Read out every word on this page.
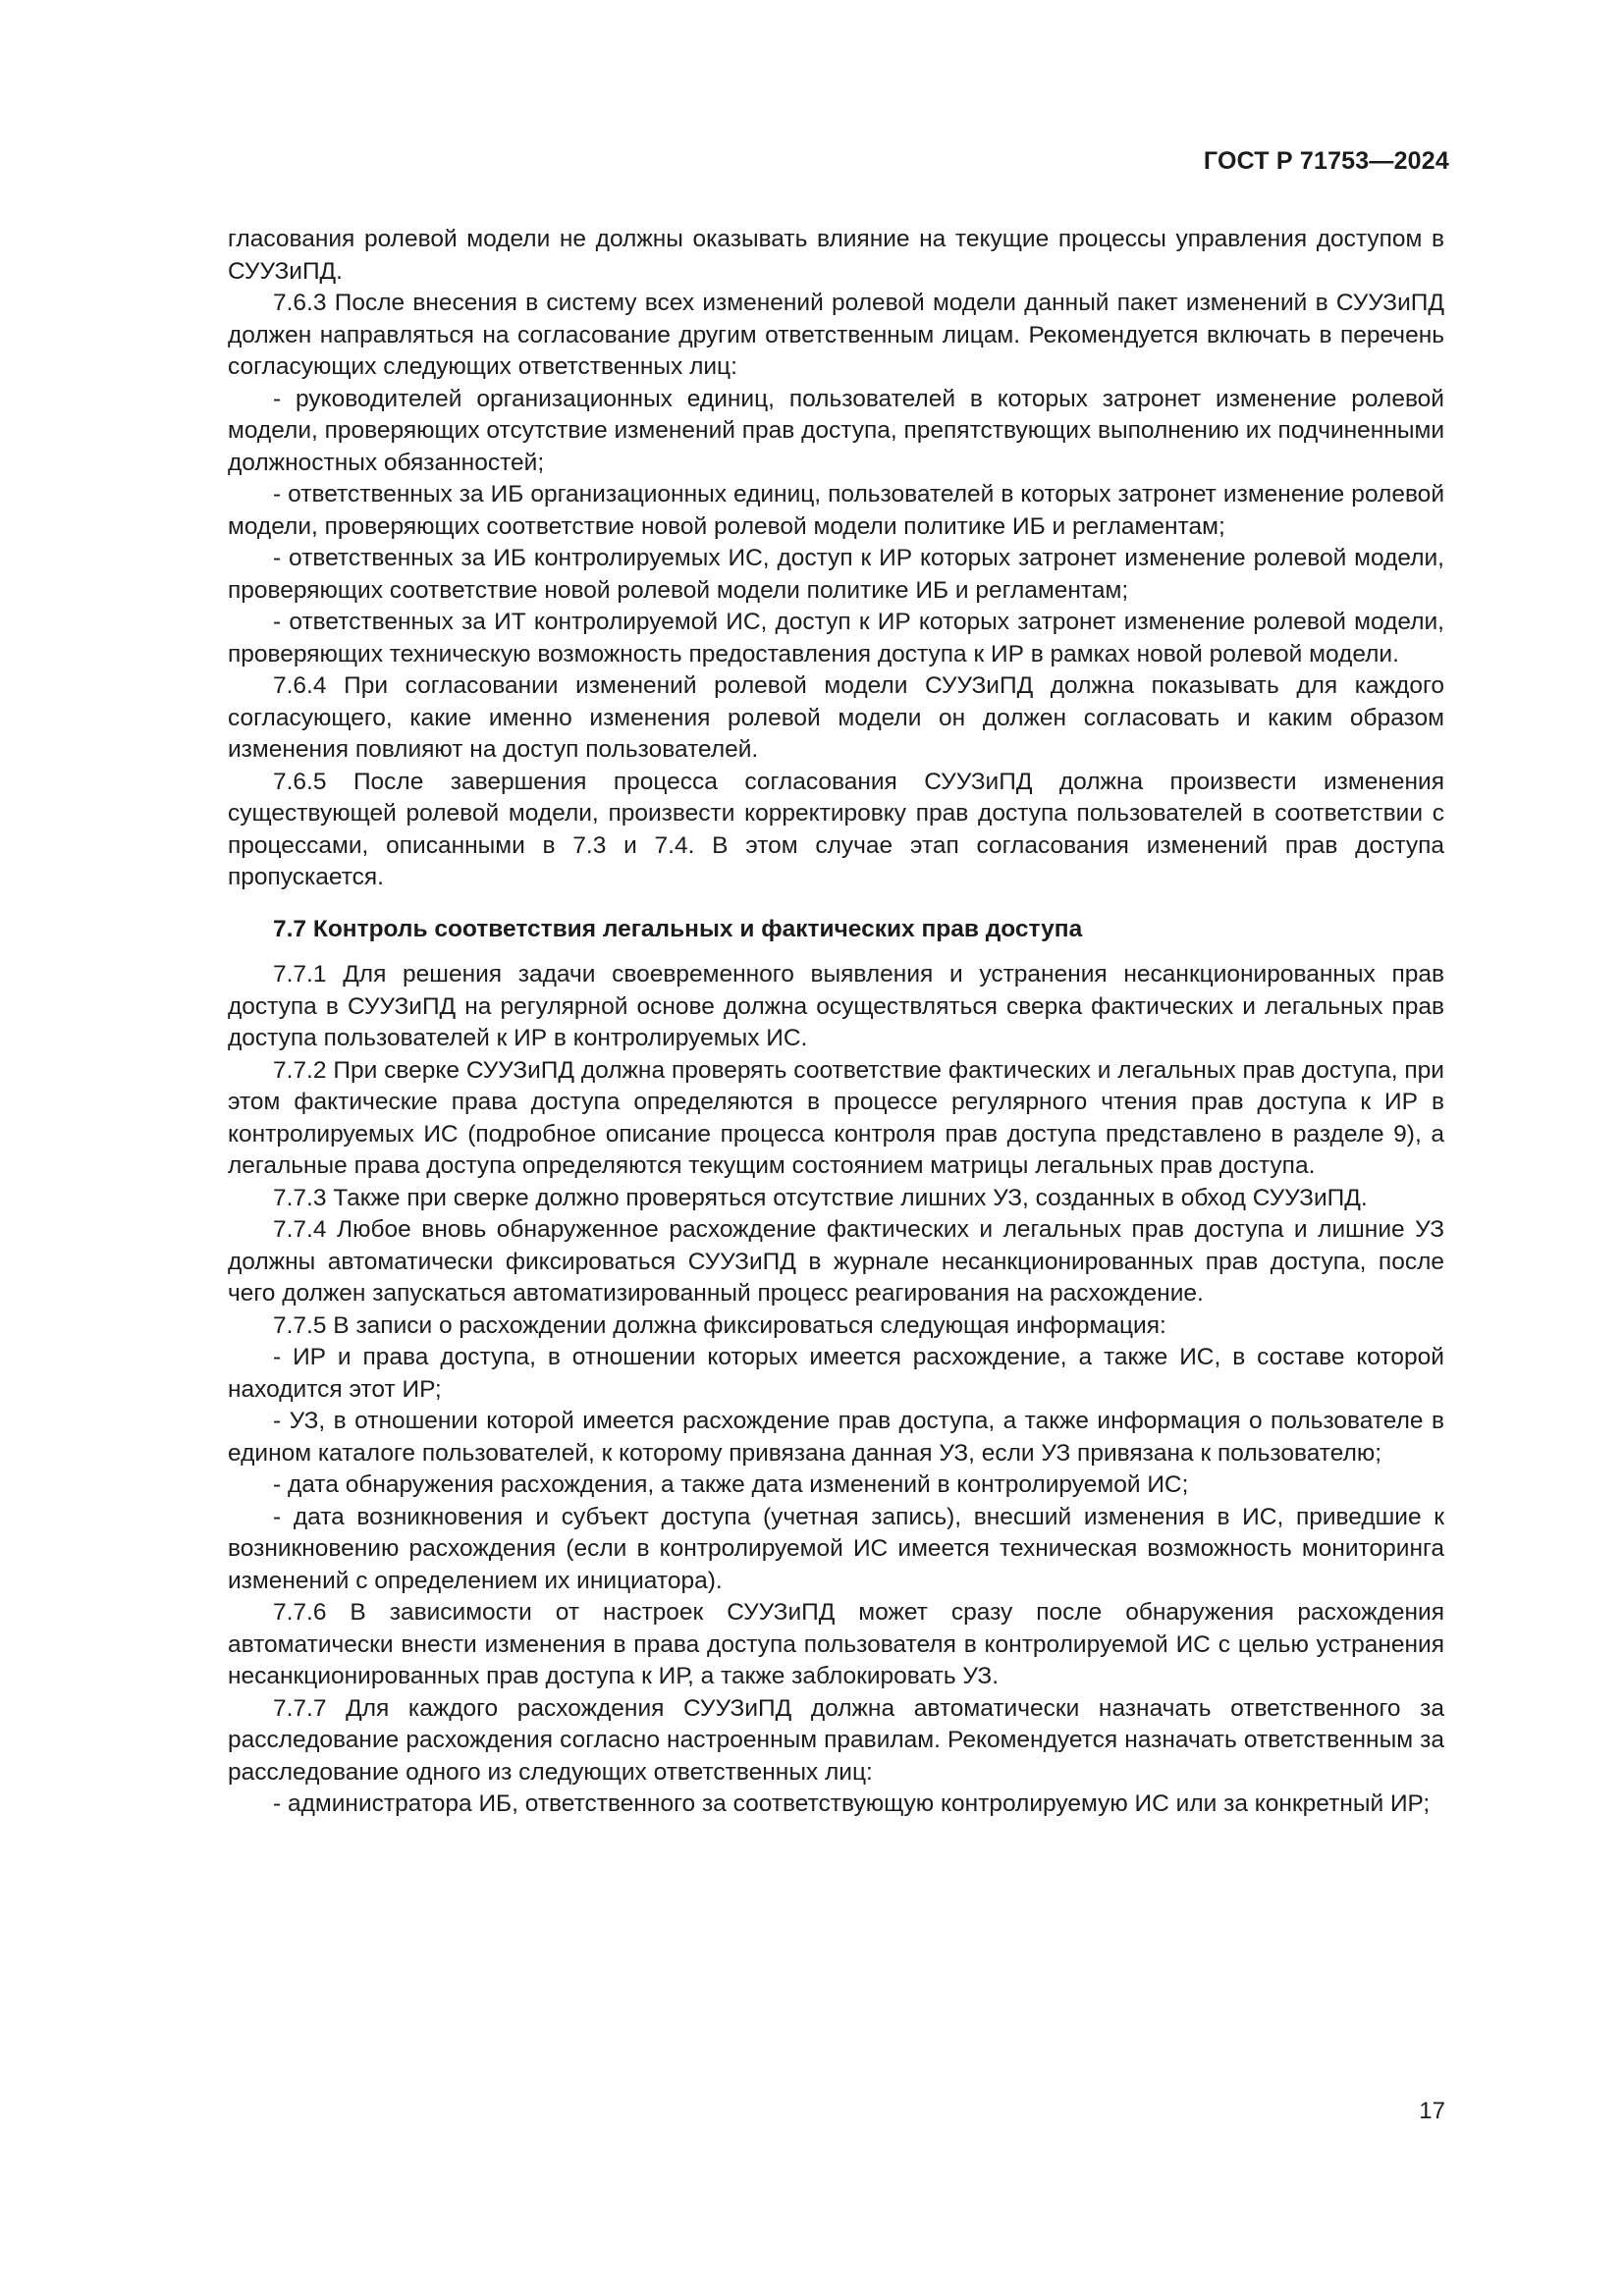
ГОСТ Р 71753—2024

гласования ролевой модели не должны оказывать влияние на текущие процессы управления доступом в СУУЗиПД.

7.6.3 После внесения в систему всех изменений ролевой модели данный пакет изменений в СУУЗиПД должен направляться на согласование другим ответственным лицам. Рекомендуется включать в перечень согласующих следующих ответственных лиц:

- руководителей организационных единиц, пользователей в которых затронет изменение ролевой модели, проверяющих отсутствие изменений прав доступа, препятствующих выполнению их подчиненными должностных обязанностей;

- ответственных за ИБ организационных единиц, пользователей в которых затронет изменение ролевой модели, проверяющих соответствие новой ролевой модели политике ИБ и регламентам;

- ответственных за ИБ контролируемых ИС, доступ к ИР которых затронет изменение ролевой модели, проверяющих соответствие новой ролевой модели политике ИБ и регламентам;

- ответственных за ИТ контролируемой ИС, доступ к ИР которых затронет изменение ролевой модели, проверяющих техническую возможность предоставления доступа к ИР в рамках новой ролевой модели.

7.6.4 При согласовании изменений ролевой модели СУУЗиПД должна показывать для каждого согласующего, какие именно изменения ролевой модели он должен согласовать и каким образом изменения повлияют на доступ пользователей.

7.6.5 После завершения процесса согласования СУУЗиПД должна произвести изменения существующей ролевой модели, произвести корректировку прав доступа пользователей в соответствии с процессами, описанными в 7.3 и 7.4. В этом случае этап согласования изменений прав доступа пропускается.

7.7 Контроль соответствия легальных и фактических прав доступа

7.7.1 Для решения задачи своевременного выявления и устранения несанкционированных прав доступа в СУУЗиПД на регулярной основе должна осуществляться сверка фактических и легальных прав доступа пользователей к ИР в контролируемых ИС.

7.7.2 При сверке СУУЗиПД должна проверять соответствие фактических и легальных прав доступа, при этом фактические права доступа определяются в процессе регулярного чтения прав доступа к ИР в контролируемых ИС (подробное описание процесса контроля прав доступа представлено в разделе 9), а легальные права доступа определяются текущим состоянием матрицы легальных прав доступа.

7.7.3 Также при сверке должно проверяться отсутствие лишних УЗ, созданных в обход СУУЗиПД.

7.7.4 Любое вновь обнаруженное расхождение фактических и легальных прав доступа и лишние УЗ должны автоматически фиксироваться СУУЗиПД в журнале несанкционированных прав доступа, после чего должен запускаться автоматизированный процесс реагирования на расхождение.

7.7.5 В записи о расхождении должна фиксироваться следующая информация:

- ИР и права доступа, в отношении которых имеется расхождение, а также ИС, в составе которой находится этот ИР;

- УЗ, в отношении которой имеется расхождение прав доступа, а также информация о пользователе в едином каталоге пользователей, к которому привязана данная УЗ, если УЗ привязана к пользователю;

- дата обнаружения расхождения, а также дата изменений в контролируемой ИС;

- дата возникновения и субъект доступа (учетная запись), внесший изменения в ИС, приведшие к возникновению расхождения (если в контролируемой ИС имеется техническая возможность мониторинга изменений с определением их инициатора).

7.7.6 В зависимости от настроек СУУЗиПД может сразу после обнаружения расхождения автоматически внести изменения в права доступа пользователя в контролируемой ИС с целью устранения несанкционированных прав доступа к ИР, а также заблокировать УЗ.

7.7.7 Для каждого расхождения СУУЗиПД должна автоматически назначать ответственного за расследование расхождения согласно настроенным правилам. Рекомендуется назначать ответственным за расследование одного из следующих ответственных лиц:

- администратора ИБ, ответственного за соответствующую контролируемую ИС или за конкретный ИР;

17
